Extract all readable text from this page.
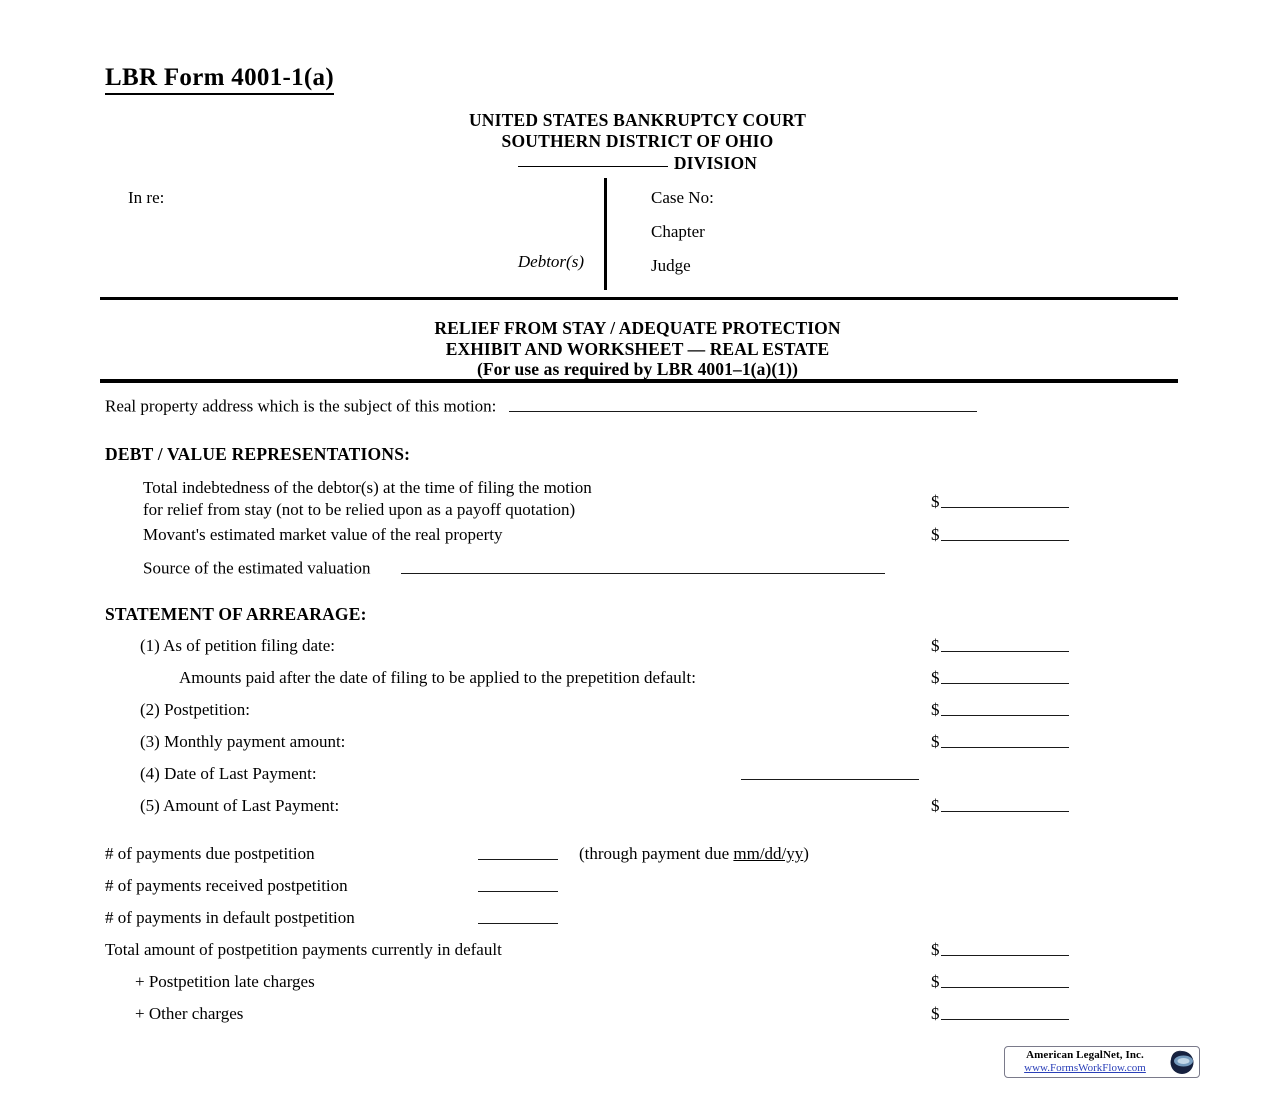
LBR Form 4001-1(a)
UNITED STATES BANKRUPTCY COURT
SOUTHERN DISTRICT OF OHIO
DIVISION
In re:
Debtor(s)
Case No:
Chapter
Judge
RELIEF FROM STAY / ADEQUATE PROTECTION
EXHIBIT AND WORKSHEET — REAL ESTATE
(For use as required by LBR 4001–1(a)(1))
Real property address which is the subject of this motion:
DEBT / VALUE REPRESENTATIONS:
Total indebtedness of the debtor(s) at the time of filing the motion
for relief from stay (not to be relied upon as a payoff quotation)	$
Movant's estimated market value of the real property	$
Source of the estimated valuation
STATEMENT OF ARREARAGE:
(1) As of petition filing date:	$
Amounts paid after the date of filing to be applied to the prepetition default:	$
(2) Postpetition:	$
(3) Monthly payment amount:	$
(4) Date of Last Payment:
(5) Amount of Last Payment:	$
# of payments due postpetition	(through payment due mm/dd/yy)
# of payments received postpetition
# of payments in default postpetition
Total amount of postpetition payments currently in default	$
+ Postpetition late charges	$
+ Other charges	$
American LegalNet, Inc.
www.FormsWorkFlow.com
